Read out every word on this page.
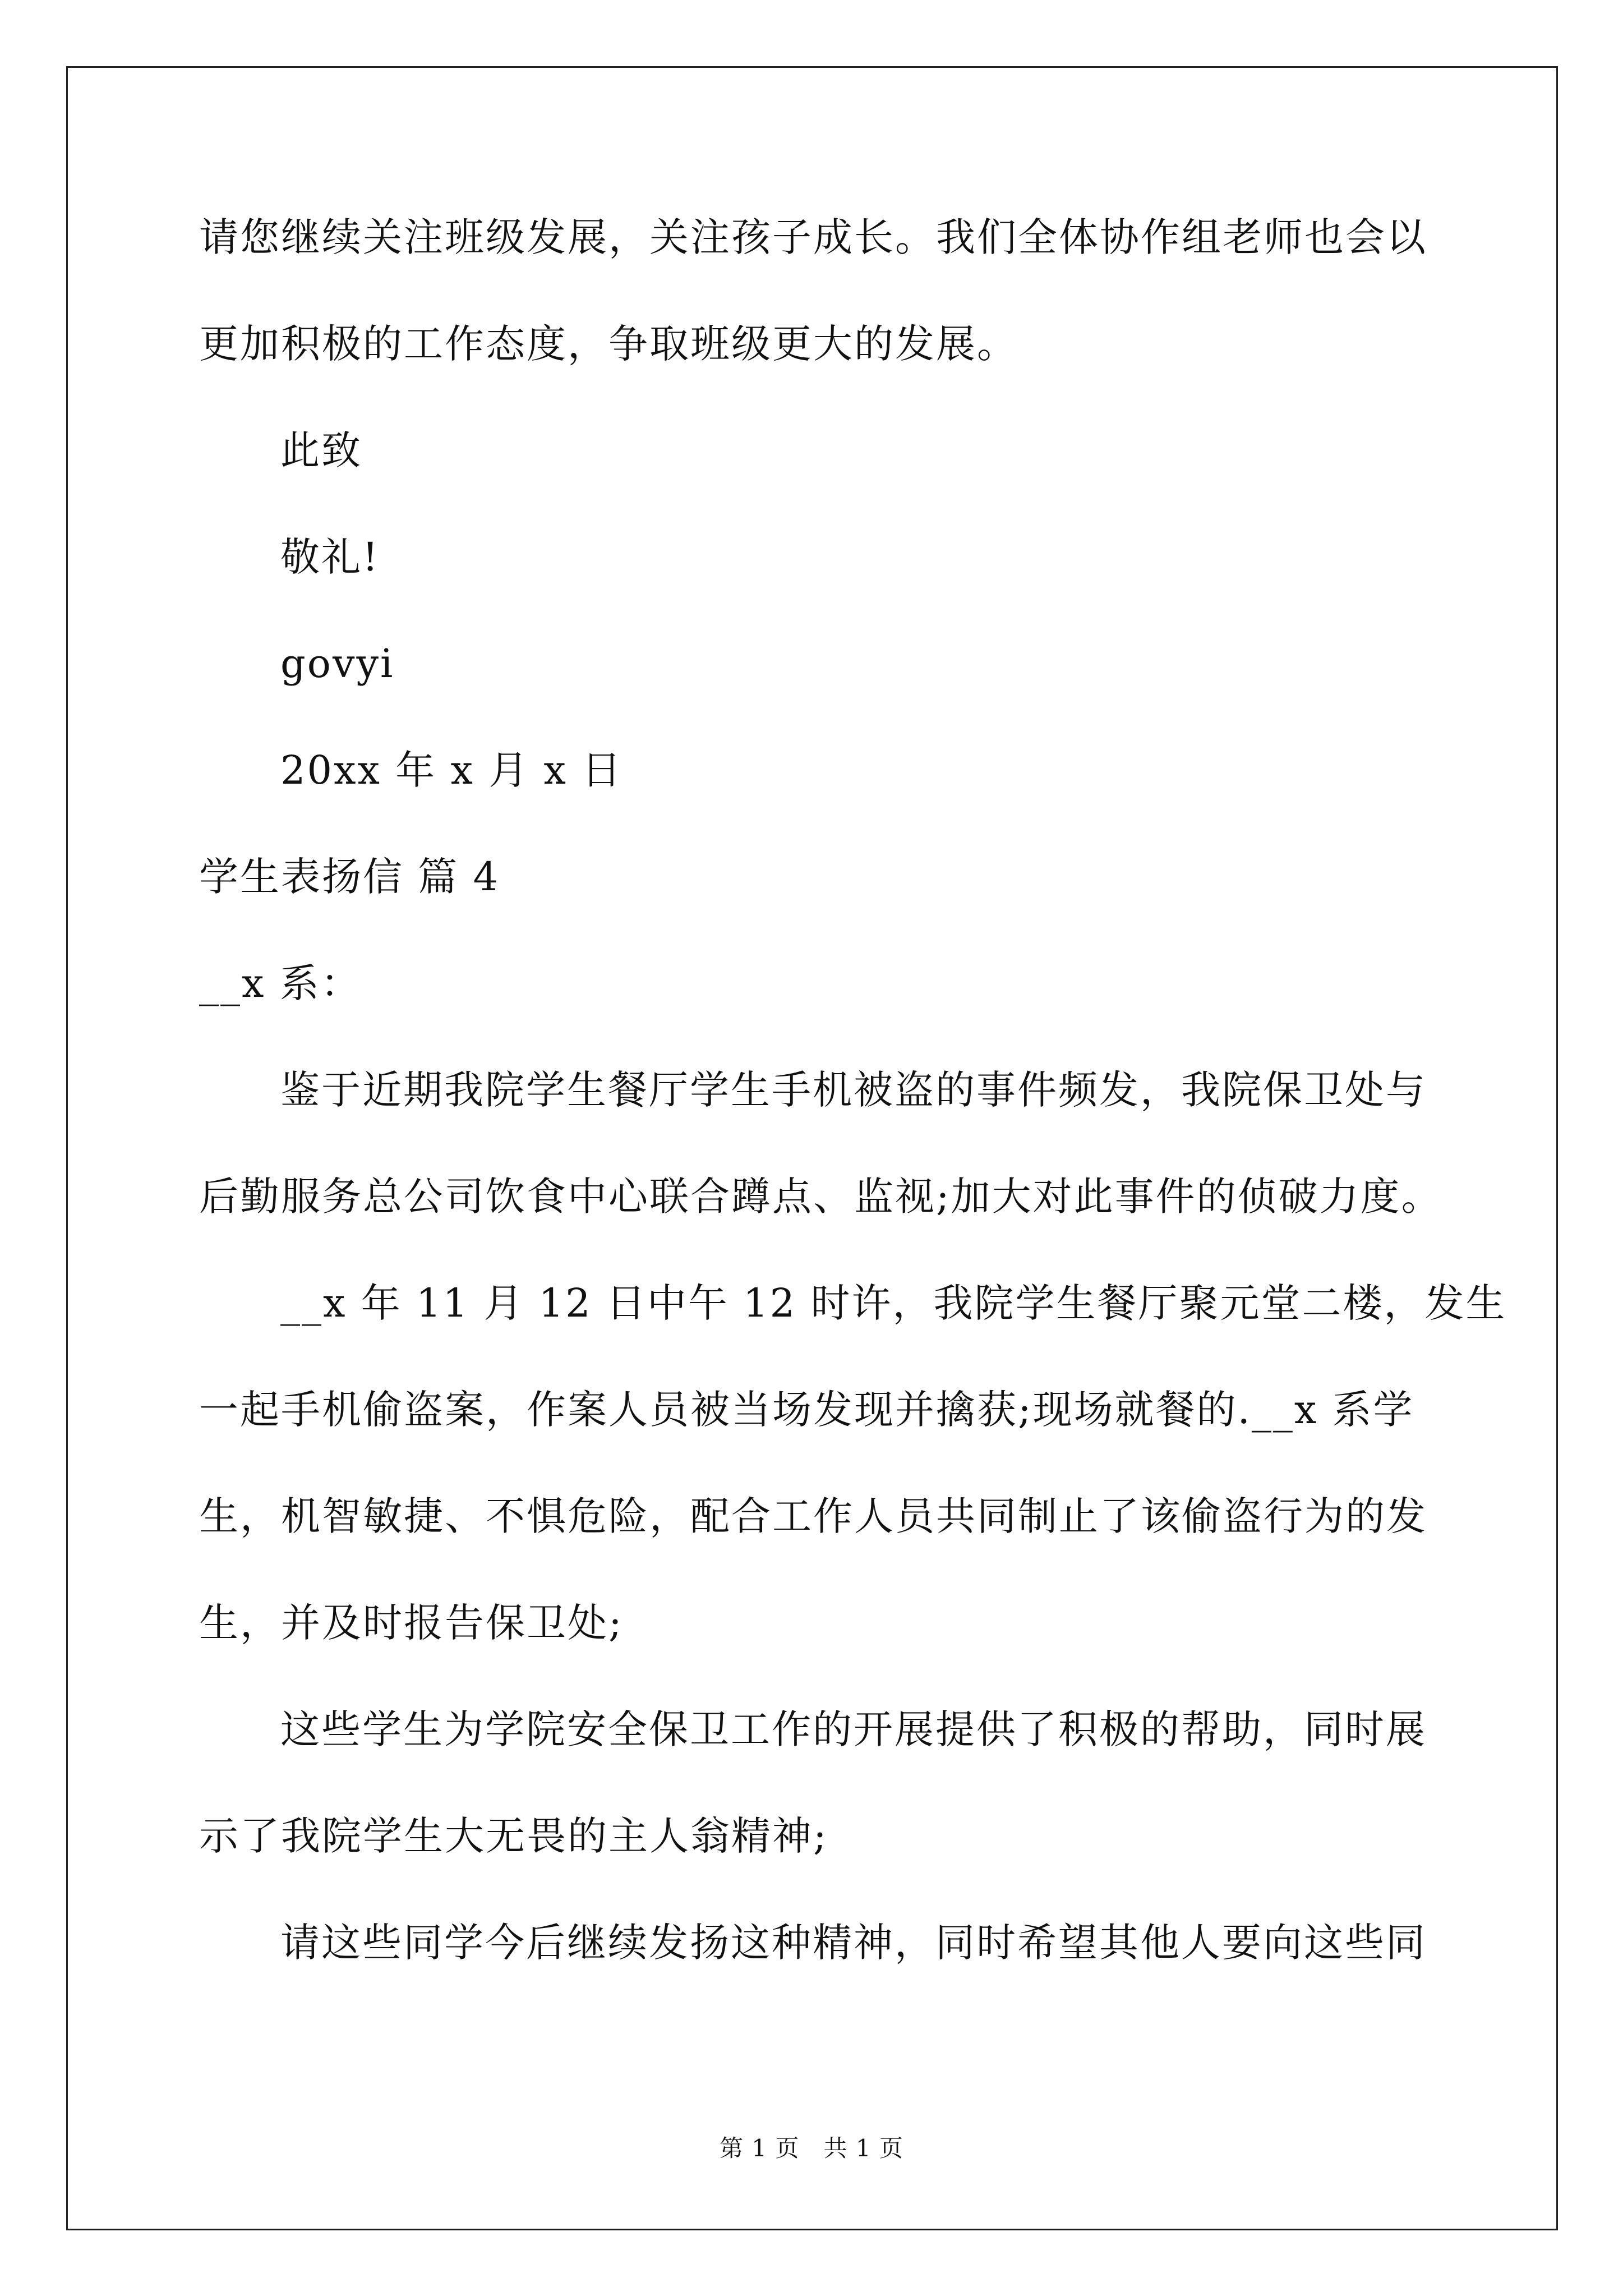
请您继续关注班级发展，关注孩子成长。我们全体协作组老师也会以
更加积极的工作态度，争取班级更大的发展。
此致
敬礼!
govyi
20xx 年 x 月 x 日
学生表扬信 篇 4
__x 系：
鉴于近期我院学生餐厅学生手机被盗的事件频发，我院保卫处与
后勤服务总公司饮食中心联合蹲点、监视;加大对此事件的侦破力度。
__x 年 11 月 12 日中午 12 时许，我院学生餐厅聚元堂二楼，发生
一起手机偷盗案，作案人员被当场发现并擒获;现场就餐的.__x 系学
生，机智敏捷、不惧危险，配合工作人员共同制止了该偷盗行为的发
生，并及时报告保卫处;
这些学生为学院安全保卫工作的开展提供了积极的帮助，同时展
示了我院学生大无畏的主人翁精神;
请这些同学今后继续发扬这种精神，同时希望其他人要向这些同
第 1 页　共 1 页
